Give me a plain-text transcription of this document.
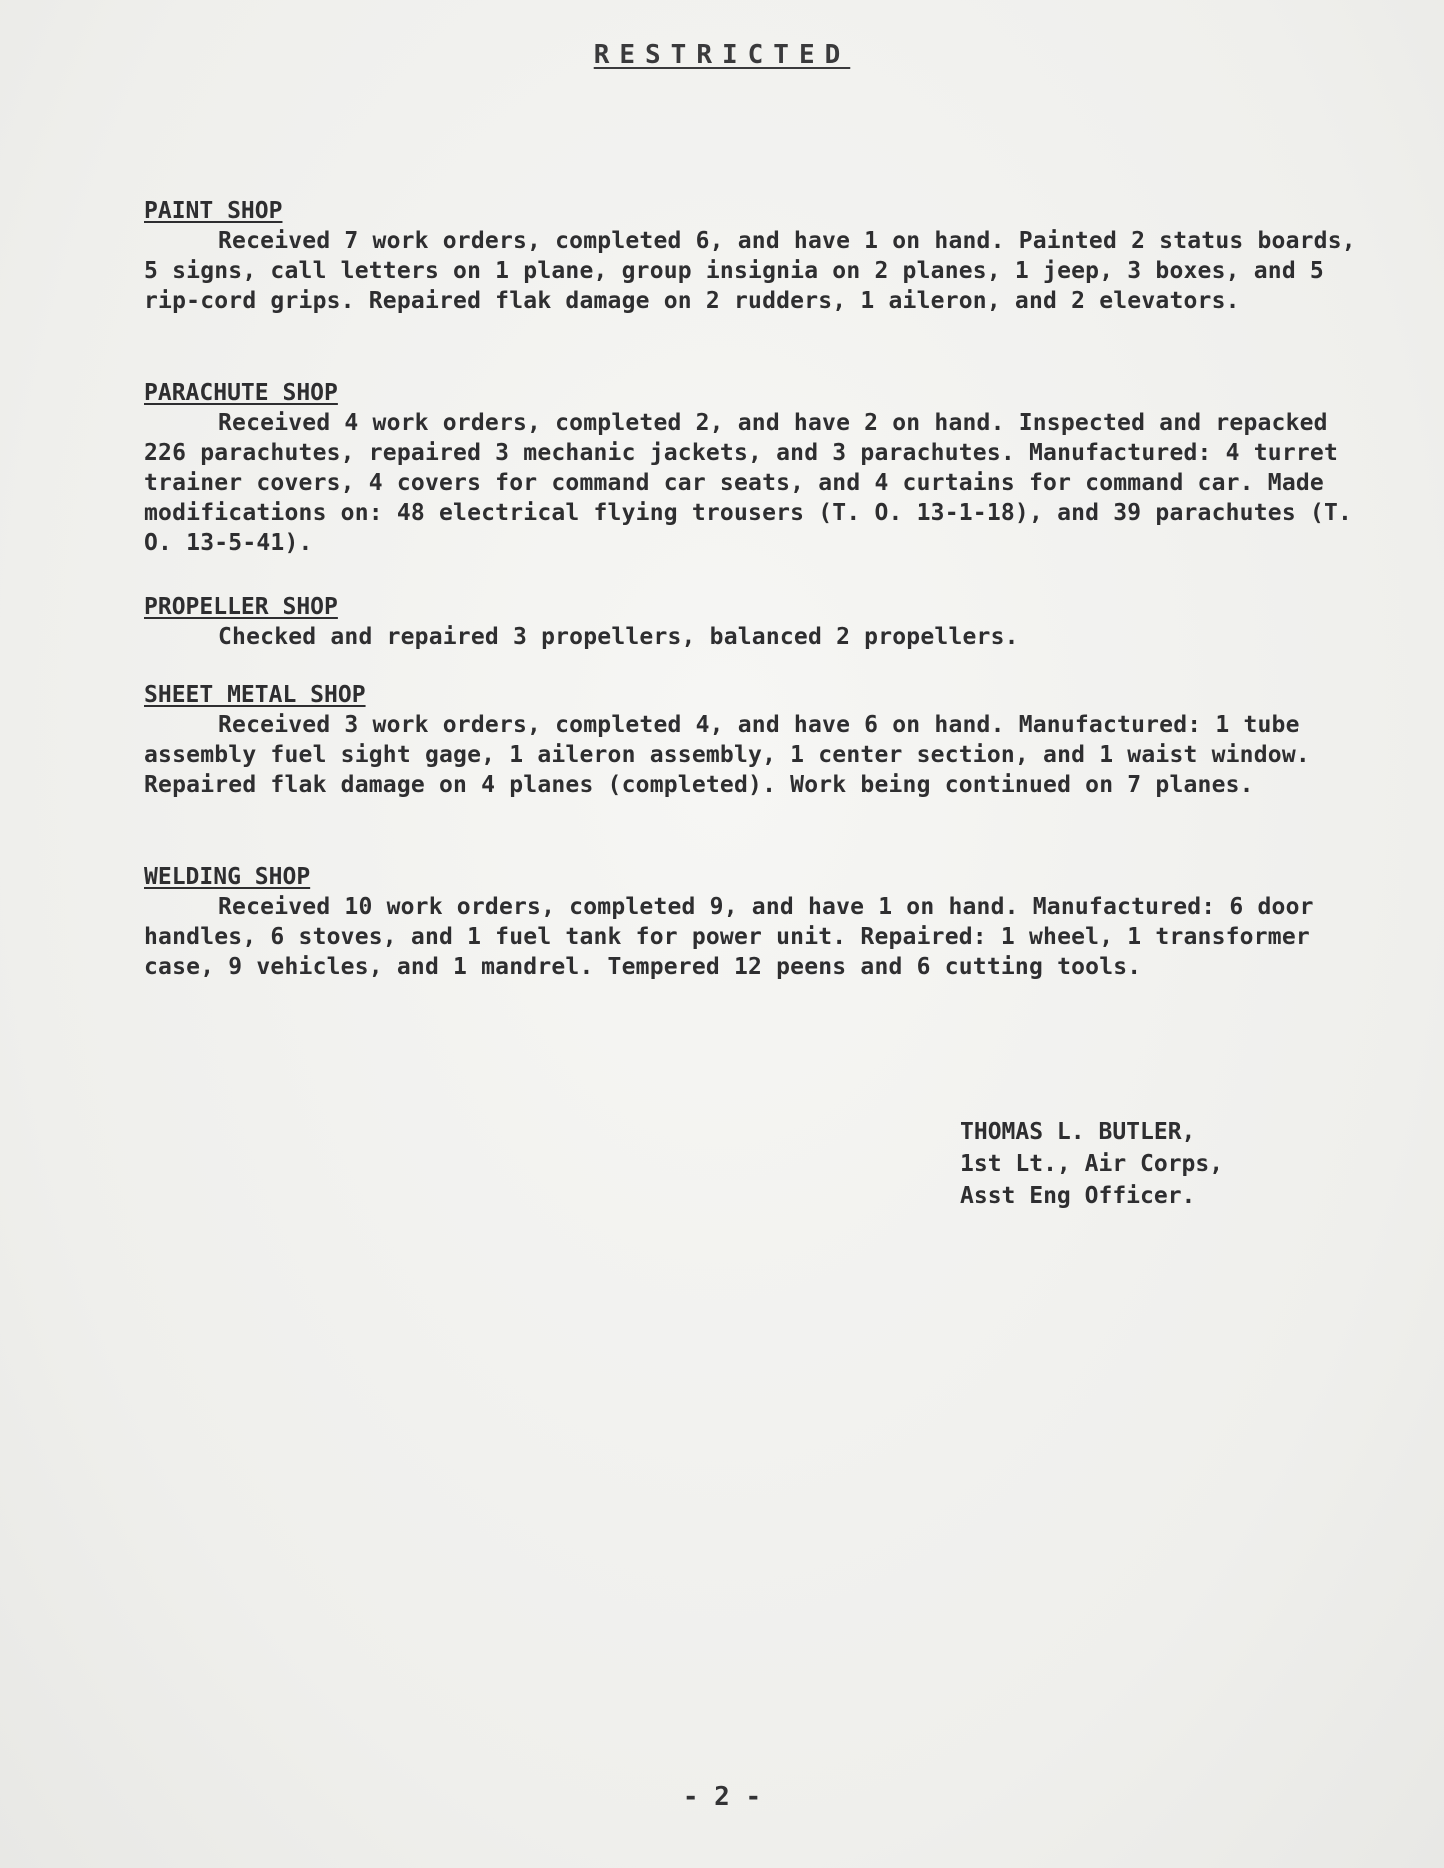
RESTRICTED

PAINT SHOP

Received 7 work orders, completed 6, and have 1 on hand. Painted 2 status boards, 5 signs, call letters on 1 plane, group insignia on 2 planes, 1 jeep, 3 boxes, and 5 rip-cord grips. Repaired flak damage on 2 rudders, 1 aileron, and 2 elevators.

PARACHUTE SHOP

Received 4 work orders, completed 2, and have 2 on hand. Inspected and repacked 226 parachutes, repaired 3 mechanic jackets, and 3 parachutes. Manufactured: 4 turret trainer covers, 4 covers for command car seats, and 4 curtains for command car. Made modifications on: 48 electrical flying trousers (T. O. 13-1-18), and 39 parachutes (T. O. 13-5-41).

PROPELLER SHOP

Checked and repaired 3 propellers, balanced 2 propellers.

SHEET METAL SHOP

Received 3 work orders, completed 4, and have 6 on hand. Manufactured: 1 tube assembly fuel sight gage, 1 aileron assembly, 1 center section, and 1 waist window. Repaired flak damage on 4 planes (completed). Work being continued on 7 planes.

WELDING SHOP

Received 10 work orders, completed 9, and have 1 on hand. Manufactured: 6 door handles, 6 stoves, and 1 fuel tank for power unit. Repaired: 1 wheel, 1 transformer case, 9 vehicles, and 1 mandrel. Tempered 12 peens and 6 cutting tools.

THOMAS L. BUTLER,
1st Lt., Air Corps,
Asst Eng Officer.
- 2 -
